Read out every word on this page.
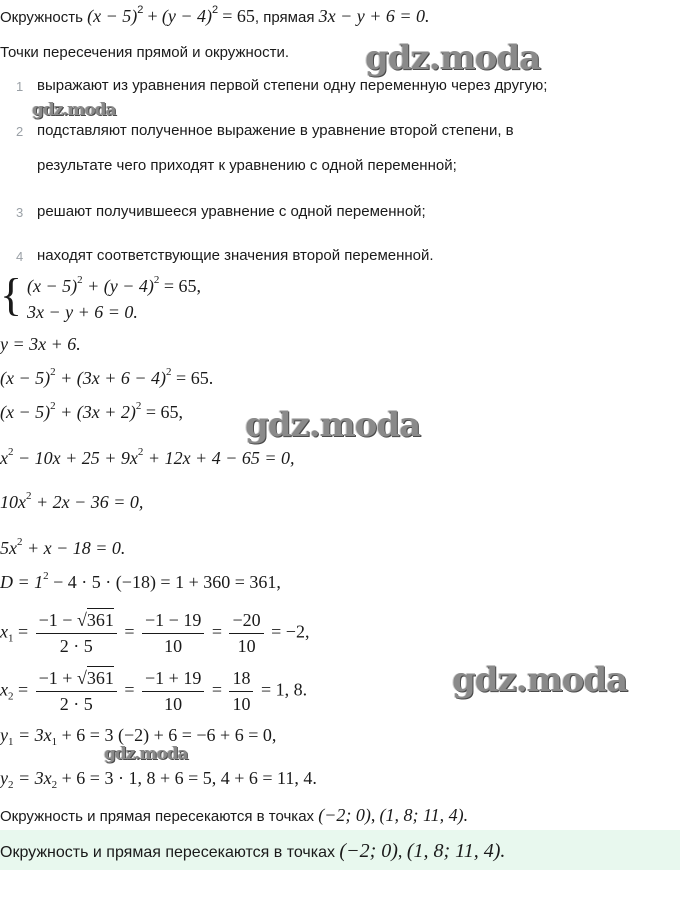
Окружность $(x - 5)^2 + (y - 4)^2 = 65$, прямая 3x − y + 6 = 0.
Точки пересечения прямой и окружности. gdz.moda
1 выражают из уравнения первой степени одну переменную через другую;
gdz.moda
2 подставляют полученное выражение в уравнение второй степени, в
результате чего приходят к уравнению с одной переменной;
3 решают получившееся уравнение с одной переменной;
4 находят соответствующие значения второй переменной.
{ $(x - 5)^2 + (y - 4)^2 = 65$,
3x − y + 6 = 0.
y = 3x + 6.
$(x - 5)^2 + (3x + 6 - 4)^2 = 65$.
$(x - 5)^2 + (3x + 2)^2 = 65$, gdz.moda
$x^2 - 10x + 25 + 9x^2 + 12x + 4 - 65 = 0$,
$10x^2 + 2x - 36 = 0$,
$5x^2 + x - 18 = 0$.
$D = 1^2 - 4 \cdot 5 \cdot (-18) = 1 + 360 = 361$,
$x_1 = \frac{-1 - √361}{2 \cdot 5} = \frac{-1 - 19}{10} = \frac{-20}{10} = -2$,
$x_2 = \frac{-1 + √361}{2 \cdot 5} = \frac{-1 + 19}{10} = \frac{18}{10} = 1$, 8.	gdz.moda
$y_1 = 3x_1 + 6 = 3$ (−2) + 6 = −6 + 6 = 0,
gdz.moda
$y_2 = 3x_2 + 6 = 3 \cdot 1$, 8 + 6 = 5, 4 + 6 = 11, 4.
Окружность и прямая пересекаются в точках (−2; 0), (1, 8; 11, 4).
Окружность и прямая пересекаются в точках (−2; 0), (1, 8; 11, 4).
